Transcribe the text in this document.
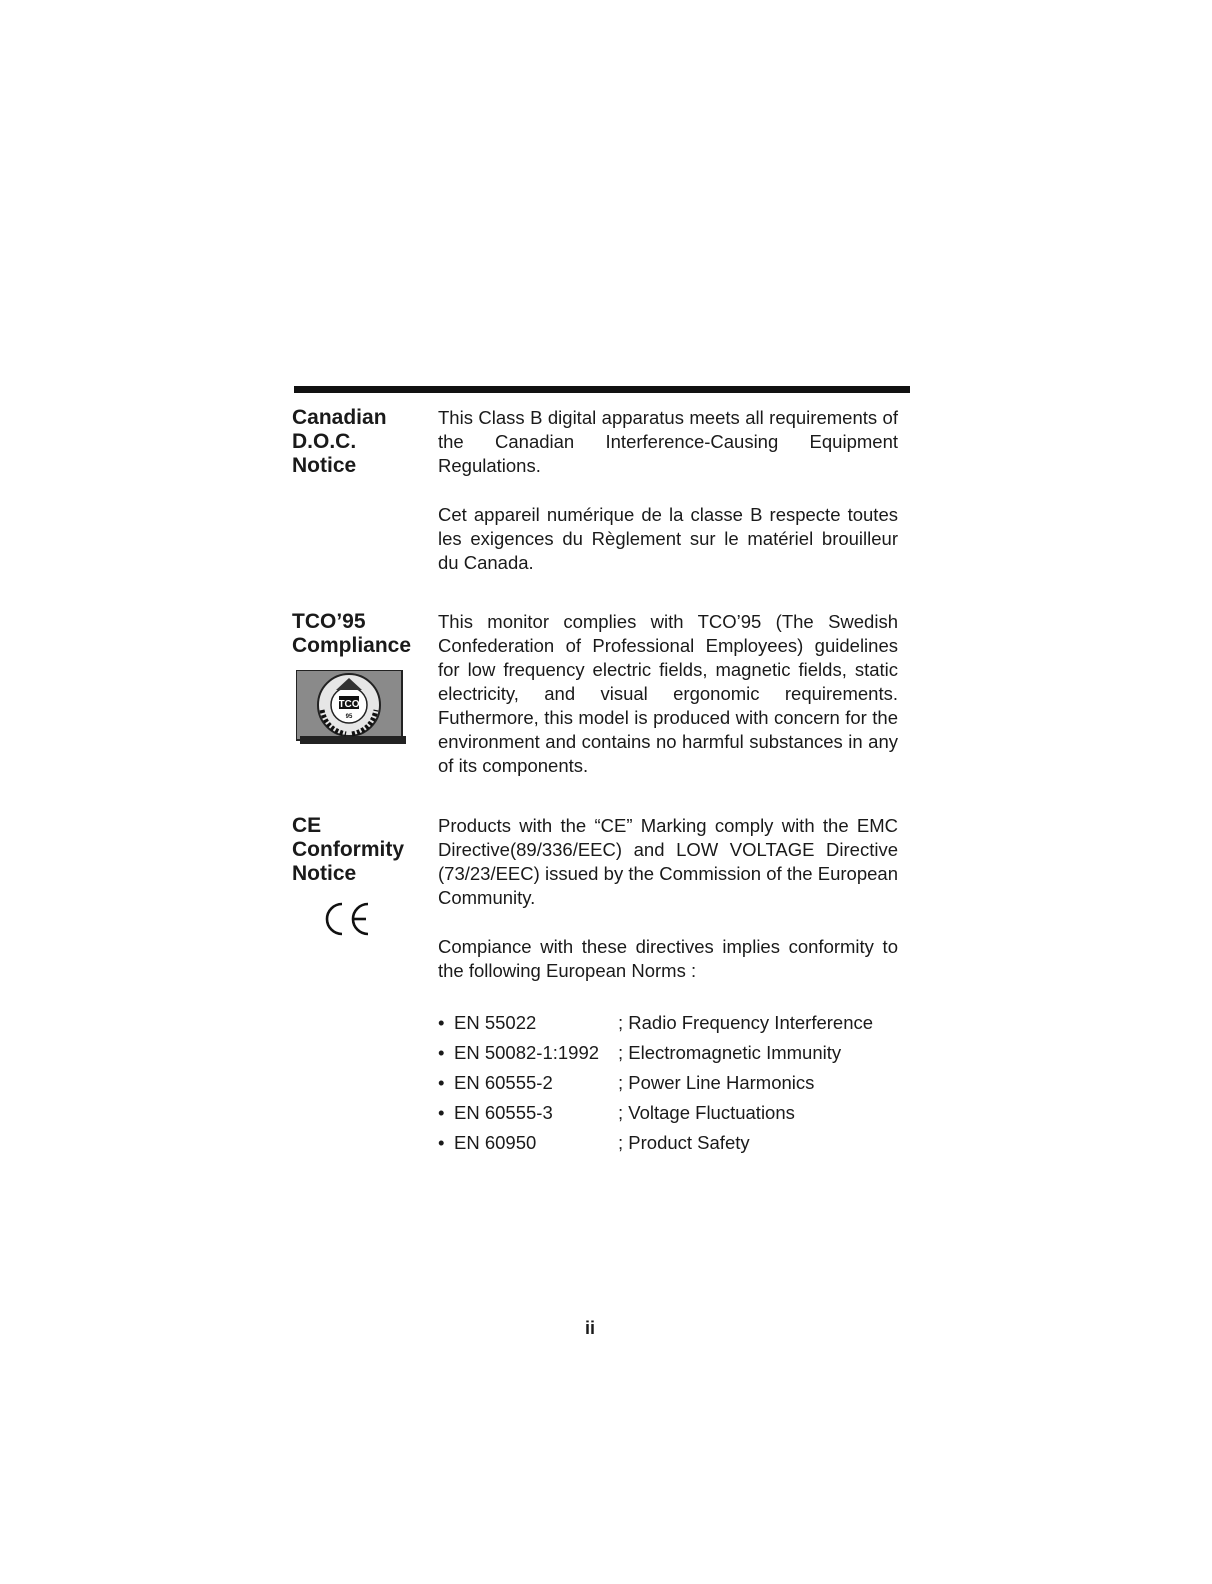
Canadian
D.O.C.
Notice

This Class B digital apparatus meets all requirements of the Canadian Interference-Causing Equipment Regulations.

Cet appareil numérique de la classe B respecte toutes les exigences du Règlement sur le matériel brouilleur du Canada.

TCO’95
Compliance
TCO
95

This monitor complies with TCO’95 (The Swedish Confederation of Professional Employees) guidelines for low frequency electric fields, magnetic fields, static electricity, and visual ergonomic requirements. Futhermore, this model is produced with concern for the environment and contains no harmful substances in any of its components.

CE
Conformity
Notice

Products with the “CE” Marking comply with the EMC Directive(89/336/EEC) and LOW VOLTAGE Directive (73/23/EEC) issued by the Commission of the European Community.

Compiance with these directives implies conformity to the following European Norms :

• EN 55022	; Radio Frequency Interference
• EN 50082-1:1992	; Electromagnetic Immunity
• EN 60555-2	; Power Line Harmonics
• EN 60555-3	; Voltage Fluctuations
• EN 60950	; Product Safety
ii
